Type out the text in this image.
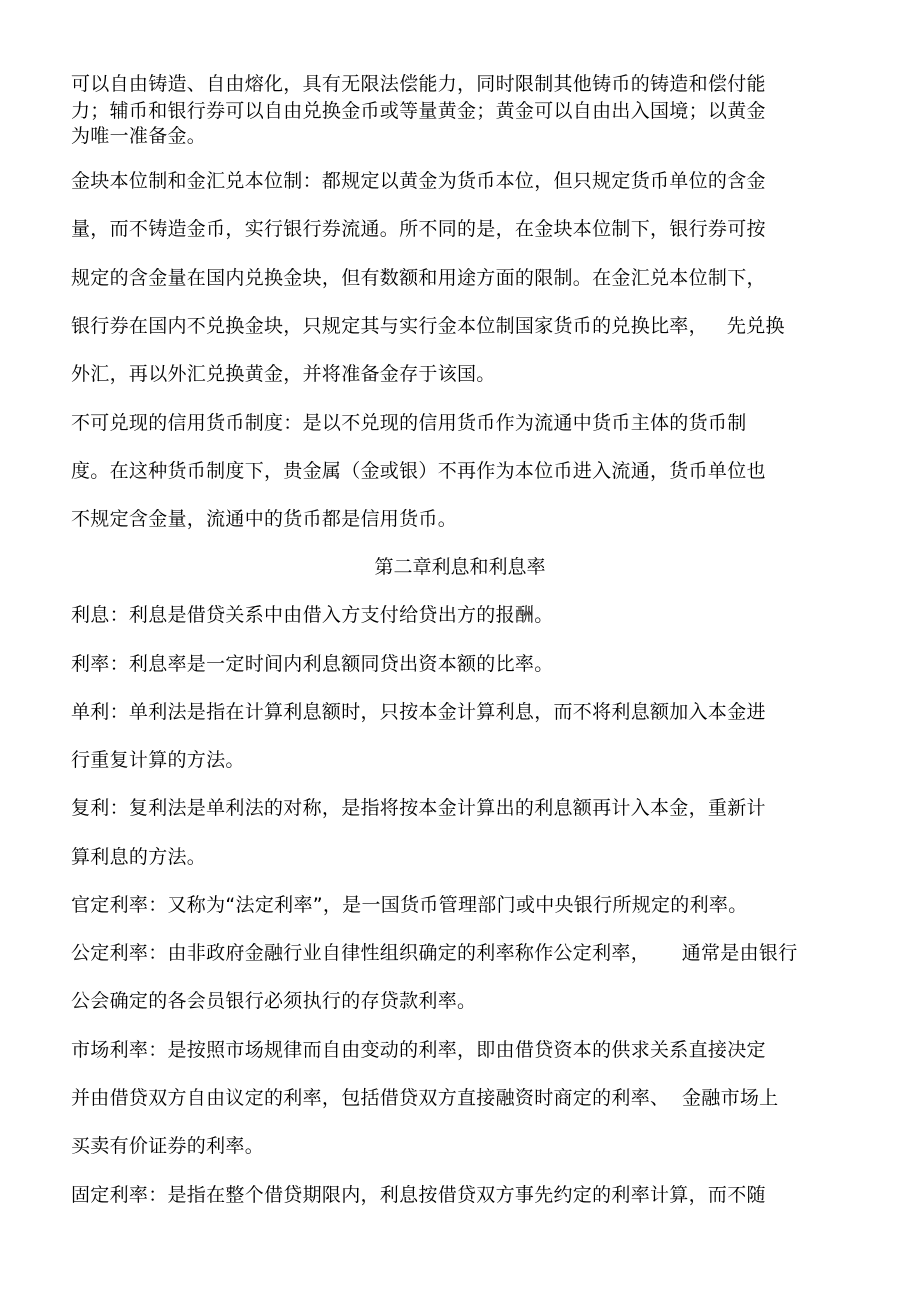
可以自由铸造、自由熔化，具有无限法偿能力，同时限制其他铸币的铸造和偿付能
力；辅币和银行券可以自由兑换金币或等量黄金；黄金可以自由出入国境；以黄金
为唯一准备金。
金块本位制和金汇兑本位制：都规定以黄金为货币本位，但只规定货币单位的含金
量，而不铸造金币，实行银行券流通。所不同的是，在金块本位制下，银行券可按
规定的含金量在国内兑换金块，但有数额和用途方面的限制。在金汇兑本位制下，
银行券在国内不兑换金块，只规定其与实行金本位制国家货币的兑换比率，   先兑换
外汇，再以外汇兑换黄金，并将准备金存于该国。
不可兑现的信用货币制度：是以不兑现的信用货币作为流通中货币主体的货币制
度。在这种货币制度下，贵金属（金或银）不再作为本位币进入流通，货币单位也
不规定含金量，流通中的货币都是信用货币。
第二章利息和利息率
利息：利息是借贷关系中由借入方支付给贷出方的报酬。
利率：利息率是一定时间内利息额同贷出资本额的比率。
单利：单利法是指在计算利息额时，只按本金计算利息，而不将利息额加入本金进
行重复计算的方法。
复利：复利法是单利法的对称，是指将按本金计算出的利息额再计入本金，重新计
算利息的方法。
官定利率：又称为“法定利率”，是一国货币管理部门或中央银行所规定的利率。
公定利率：由非政府金融行业自律性组织确定的利率称作公定利率，     通常是由银行
公会确定的各会员银行必须执行的存贷款利率。
市场利率：是按照市场规律而自由变动的利率，即由借贷资本的供求关系直接决定
并由借贷双方自由议定的利率，包括借贷双方直接融资时商定的利率、  金融市场上
买卖有价证券的利率。
固定利率：是指在整个借贷期限内，利息按借贷双方事先约定的利率计算，而不随
